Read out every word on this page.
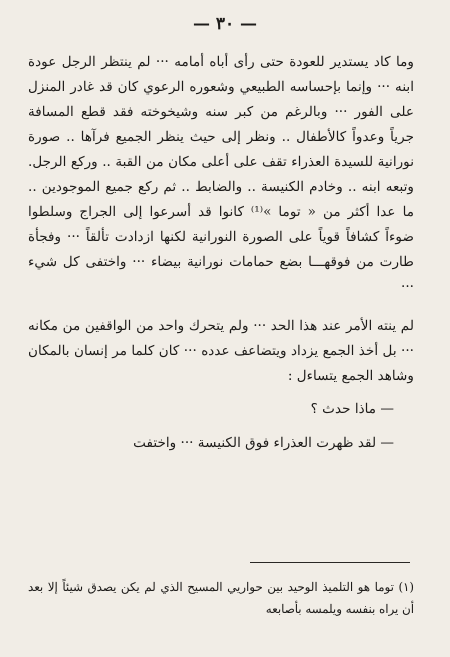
— ٣٠ —

وما كاد يستدير للعودة حتى رأى أباه أمامه ··· لم ينتظر الرجل عودة ابنه ··· وإنما بإحساسه الطبيعي وشعوره الرعوي كان قد غادر المنزل على الفور ··· وبالرغم من كبر سنه وشيخوخته فقد قطع المسافة جرياً وعدواً كالأطفال .. ونظر إلى حيث ينظر الجميع فرآها .. صورة نورانية للسيدة العذراء تقف على أعلى مكان من القبة .. وركع الرجل. وتبعه ابنه .. وخادم الكنيسة .. والضابط .. ثم ركع جميع الموجودين .. ما عدا أكثر من « توما »⁽¹⁾ كانوا قد أسرعوا إلى الجراج وسلطوا ضوءاً كشافاً قوياً على الصورة النورانية لكنها ازدادت تألقاً ··· وفجأة طارت من فوقهـــا بضع حمامات نورانية بيضاء ··· واختفى كل شيء ···

لم ينته الأمر عند هذا الحد ··· ولم يتحرك واحد من الواقفين من مكانه ··· بل أخذ الجمع يزداد ويتضاعف عدده ··· كان كلما مر إنسان بالمكان وشاهد الجمع يتساءل :

— ماذا حدث ؟

— لقد ظهرت العذراء فوق الكنيسة ··· واختفت

(١) توما هو التلميذ الوحيد بين حواريي المسيح الذي لم يكن يصدق شيئاً إلا بعد أن يراه بنفسه ويلمسه بأصابعه
